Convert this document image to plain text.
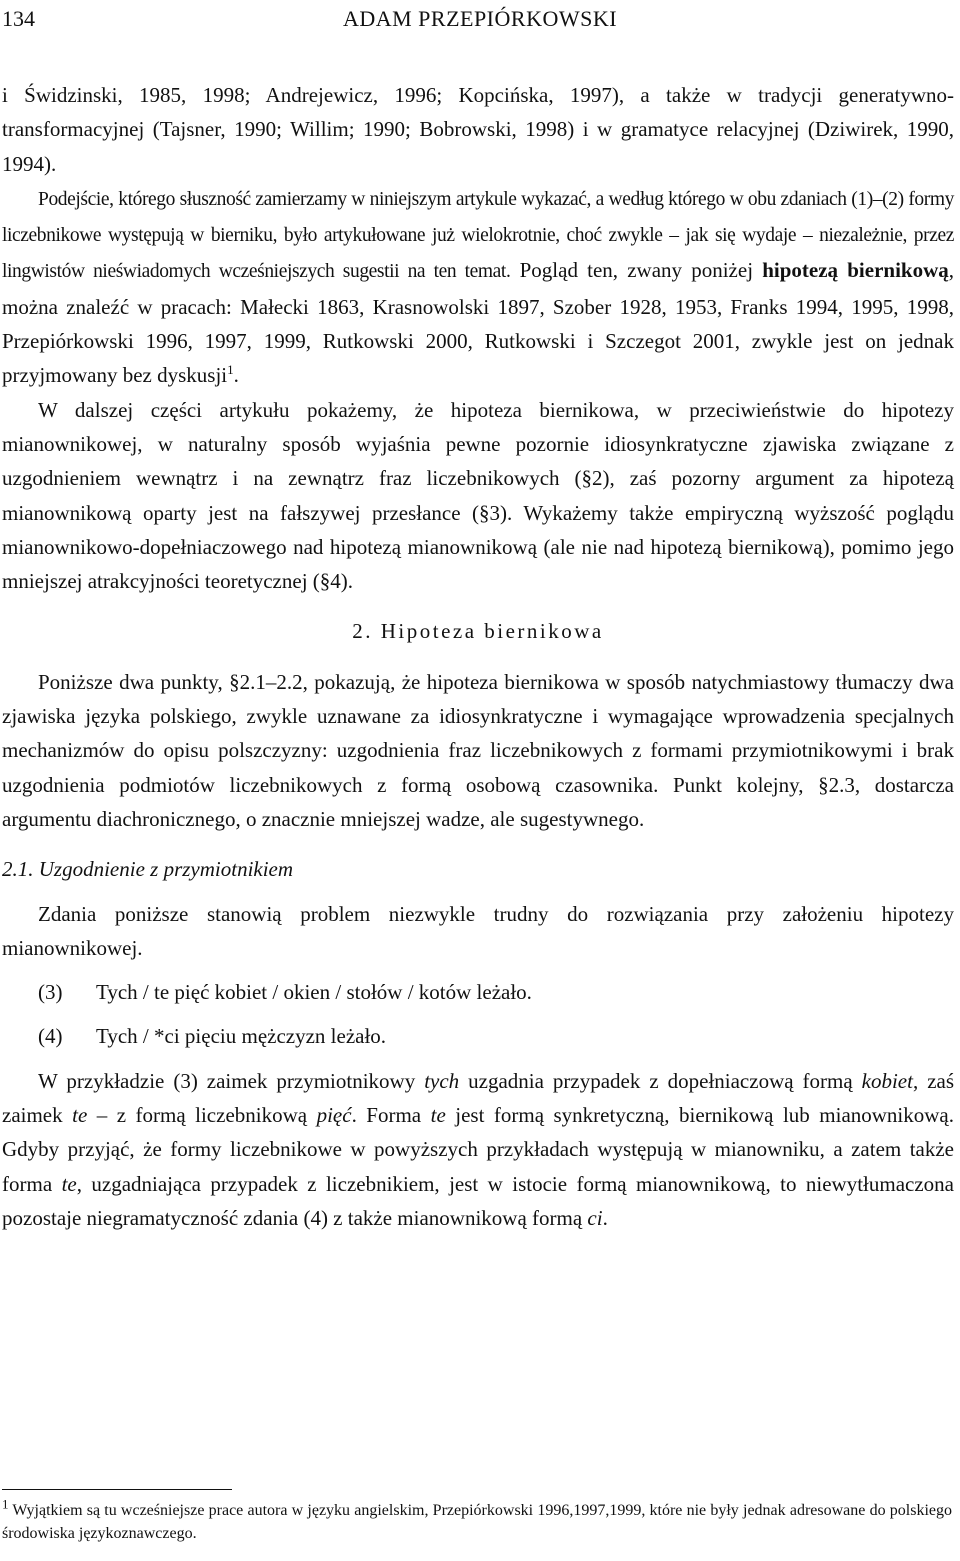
134	ADAM PRZEPIÓRKOWSKI

i Świdzinski, 1985, 1998; Andrejewicz, 1996; Kopcińska, 1997), a także w tradycji generatywno-transformacyjnej (Tajsner, 1990; Willim; 1990; Bobrowski, 1998) i w gramatyce relacyjnej (Dziwirek, 1990, 1994).

Podejście, którego słuszność zamierzamy w niniejszym artykule wykazać, a według którego w obu zdaniach (1)–(2) formy liczebnikowe występują w bierniku, było artykułowane już wielokrotnie, choć zwykle – jak się wydaje – niezależnie, przez lingwistów nieświadomych wcześniejszych sugestii na ten temat. Pogląd ten, zwany poniżej hipotezą biernikową, można znaleźć w pracach: Małecki 1863, Krasnowolski 1897, Szober 1928, 1953, Franks 1994, 1995, 1998, Przepiórkowski 1996, 1997, 1999, Rutkowski 2000, Rutkowski i Szczegot 2001, zwykle jest on jednak przyjmowany bez dyskusji$^1$.

W dalszej części artykułu pokażemy, że hipoteza biernikowa, w przeciwieństwie do hipotezy mianownikowej, w naturalny sposób wyjaśnia pewne pozornie idiosynkratyczne zjawiska związane z uzgodnieniem wewnątrz i na zewnątrz fraz liczebnikowych (§2), zaś pozorny argument za hipotezą mianownikową oparty jest na fałszywej przesłance (§3). Wykażemy także empiryczną wyższość poglądu mianownikowo-dopełniaczowego nad hipotezą mianownikową (ale nie nad hipotezą biernikową), pomimo jego mniejszej atrakcyjności teoretycznej (§4).

2. Hipoteza biernikowa

Poniższe dwa punkty, §2.1–2.2, pokazują, że hipoteza biernikowa w sposób natychmiastowy tłumaczy dwa zjawiska języka polskiego, zwykle uznawane za idiosynkratyczne i wymagające wprowadzenia specjalnych mechanizmów do opisu polszczyzny: uzgodnienia fraz liczebnikowych z formami przymiotnikowymi i brak uzgodnienia podmiotów liczebnikowych z formą osobową czasownika. Punkt kolejny, §2.3, dostarcza argumentu diachronicznego, o znacznie mniejszej wadze, ale sugestywnego.

2.1. Uzgodnienie z przymiotnikiem

Zdania poniższe stanowią problem niezwykle trudny do rozwiązania przy założeniu hipotezy mianownikowej.

(3)	Tych / te pięć kobiet / okien / stołów / kotów leżało.
(4)	Tych / *ci pięciu mężczyzn leżało.

W przykładzie (3) zaimek przymiotnikowy tych uzgadnia przypadek z dopełniaczową formą kobiet, zaś zaimek te – z formą liczebnikową pięć. Forma te jest formą synkretyczną, biernikową lub mianownikową. Gdyby przyjąć, że formy liczebnikowe w powyższych przykładach występują w mianowniku, a zatem także forma te, uzgadniająca przypadek z liczebnikiem, jest w istocie formą mianownikową, to niewytłumaczona pozostaje niegramatyczność zdania (4) z także mianownikową formą ci.

$^1$ Wyjątkiem są tu wcześniejsze prace autora w języku angielskim, Przepiórkowski 1996,1997,1999, które nie były jednak adresowane do polskiego środowiska językoznawczego.
